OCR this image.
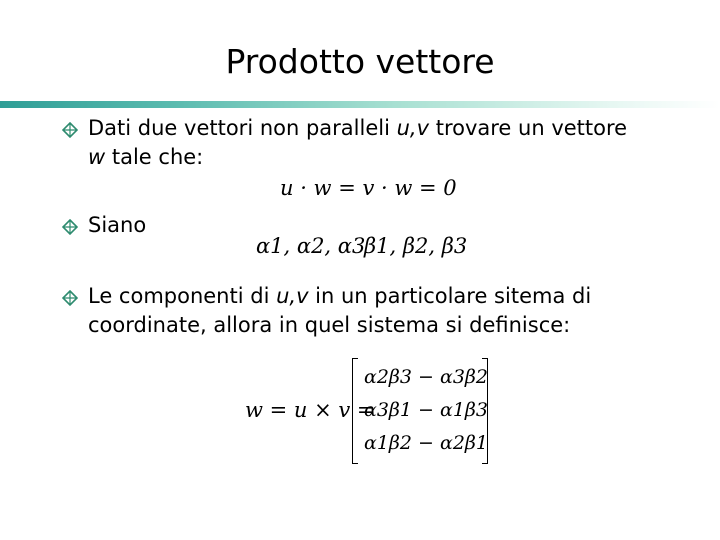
Prodotto vettore
Dati due vettori non paralleli u,v trovare un vettore w tale che:
u · w = v · w = 0
Siano
α1, α2, α3
β1, β2, β3
Le componenti di u,v in un particolare sitema di coordinate, allora in quel sistema si definisce:
w = u × v =
α2β3 − α3β2
α3β1 − α1β3
α1β2 − α2β1
